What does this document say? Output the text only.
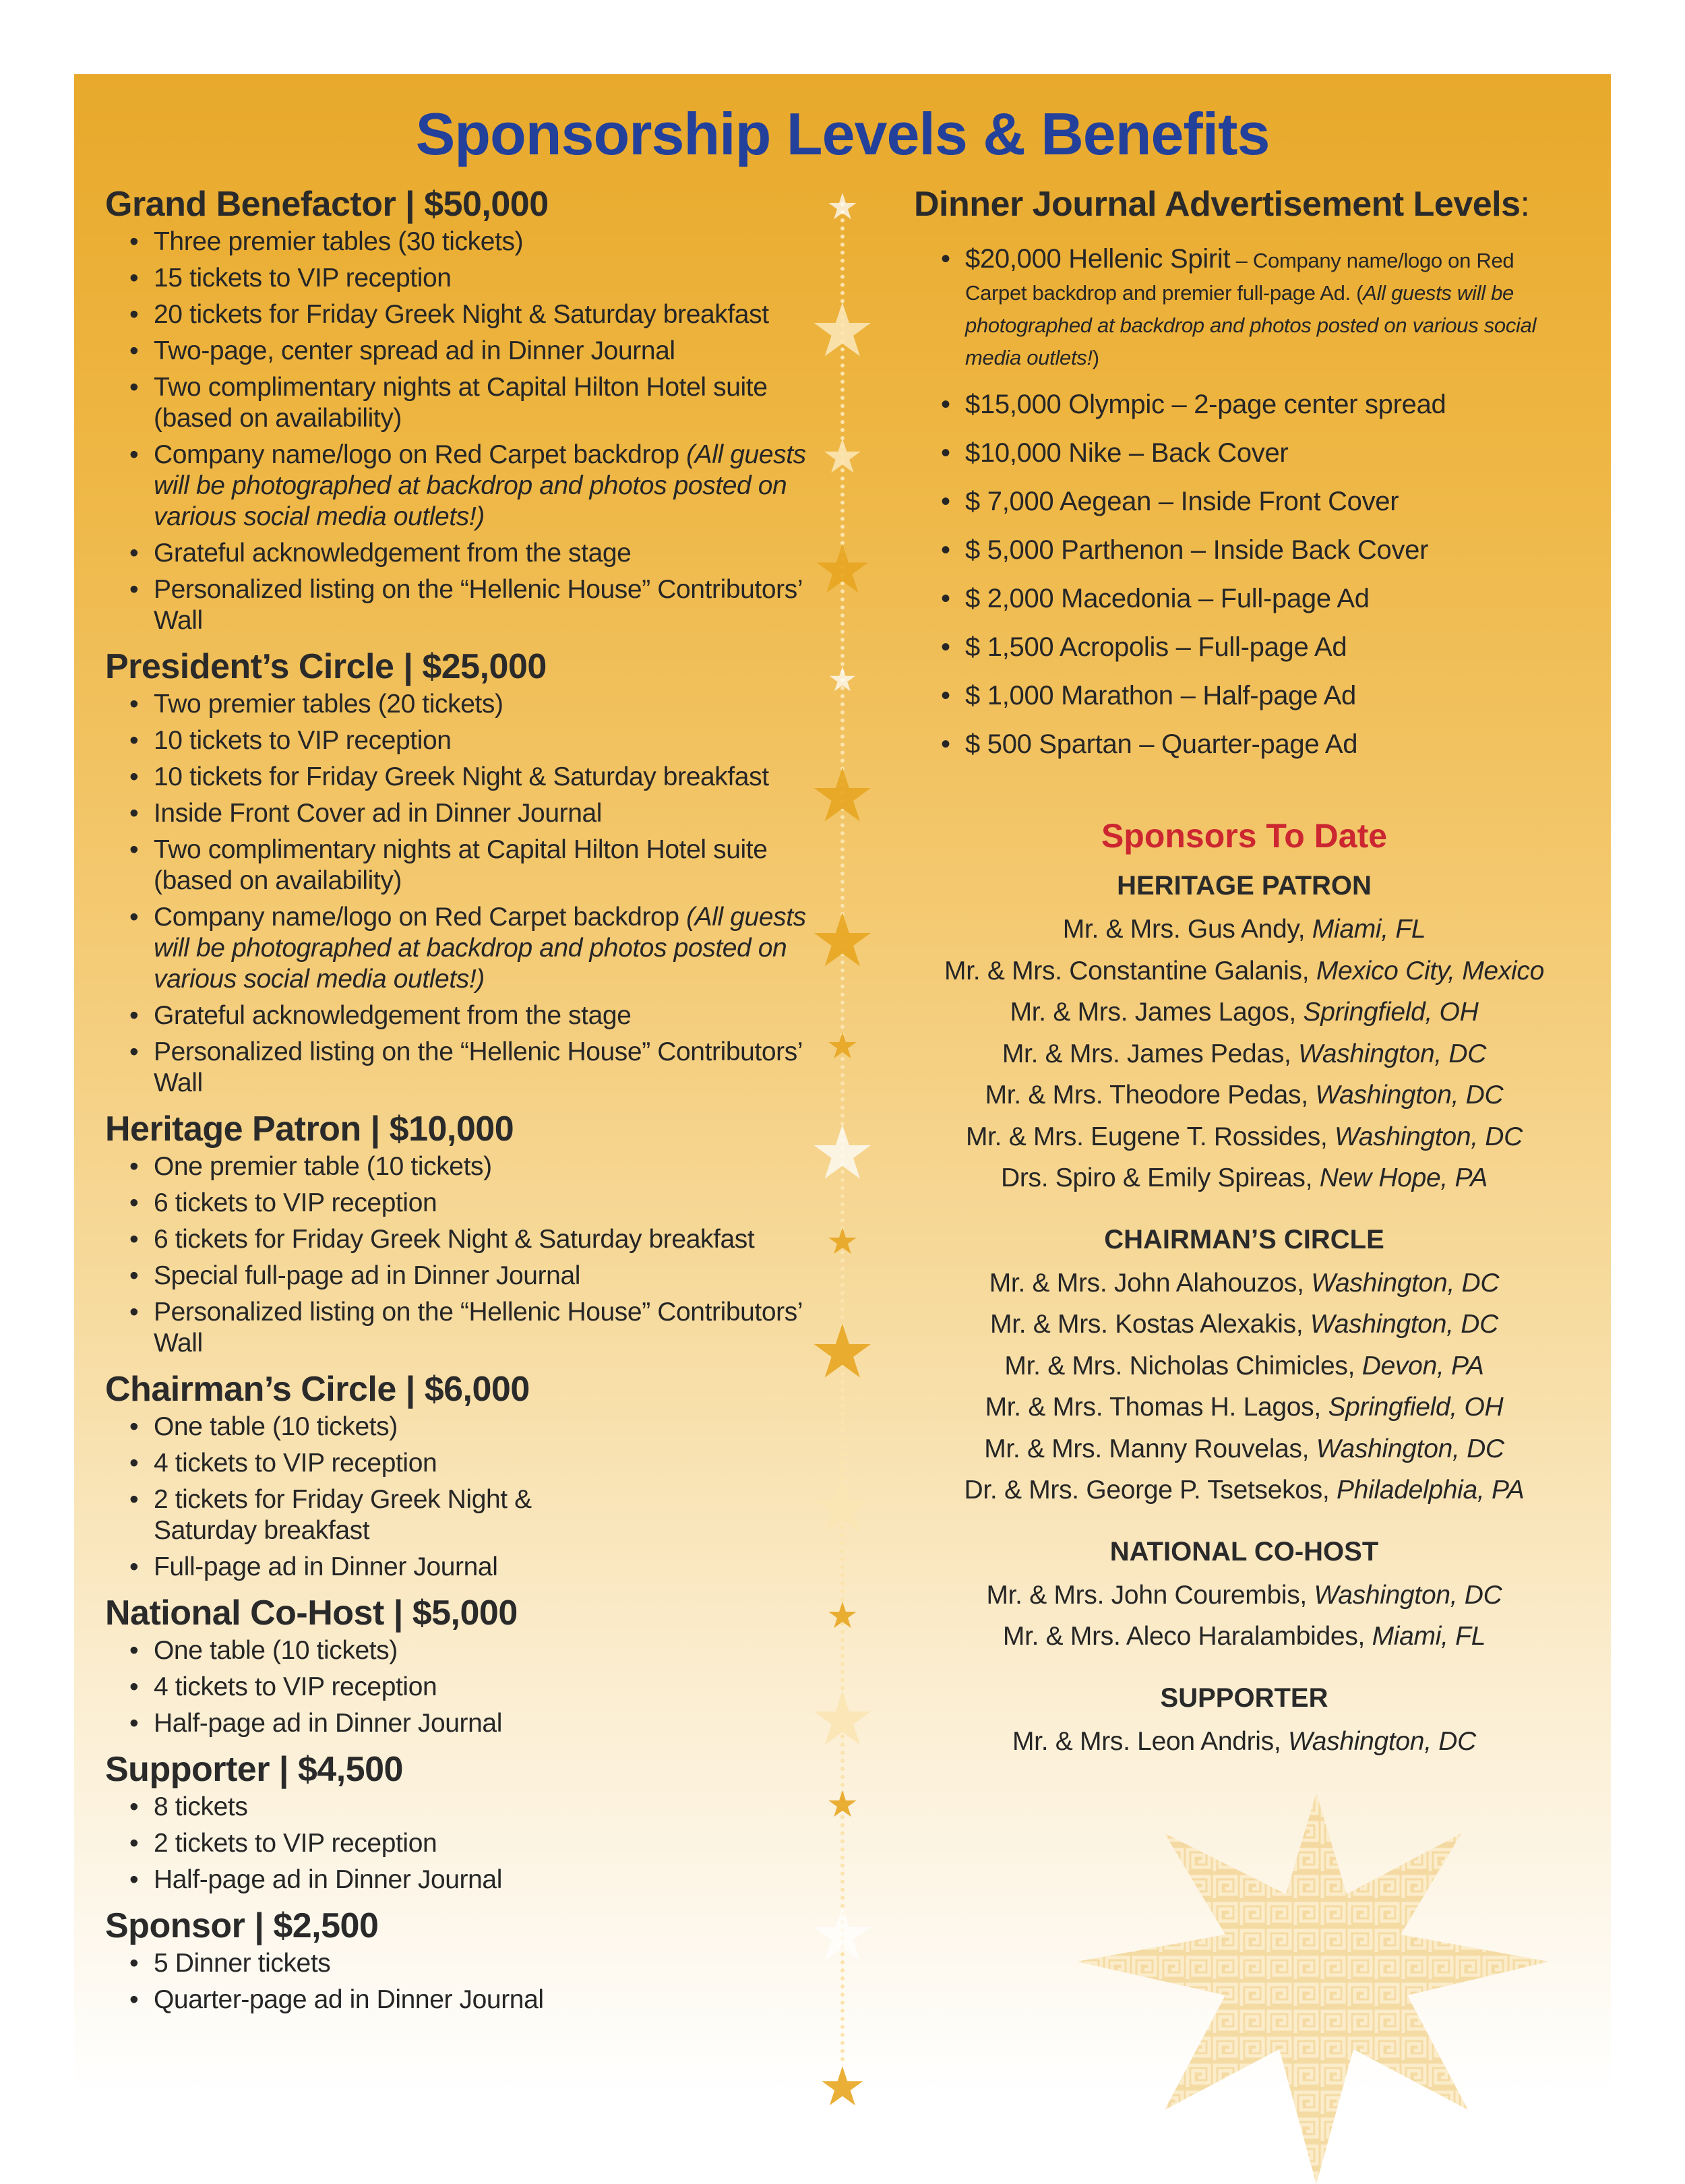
Sponsorship Levels & Benefits
Grand Benefactor | $50,000
• Three premier tables (30 tickets)
• 15 tickets to VIP reception
• 20 tickets for Friday Greek Night & Saturday breakfast
• Two-page, center spread ad in Dinner Journal
• Two complimentary nights at Capital Hilton Hotel suite (based on availability)
• Company name/logo on Red Carpet backdrop (All guests will be photographed at backdrop and photos posted on various social media outlets!)
• Grateful acknowledgement from the stage
• Personalized listing on the “Hellenic House” Contributors’ Wall
President’s Circle | $25,000
• Two premier tables (20 tickets)
• 10 tickets to VIP reception
• 10 tickets for Friday Greek Night & Saturday breakfast
• Inside Front Cover ad in Dinner Journal
• Two complimentary nights at Capital Hilton Hotel suite (based on availability)
• Company name/logo on Red Carpet backdrop (All guests will be photographed at backdrop and photos posted on various social media outlets!)
• Grateful acknowledgement from the stage
• Personalized listing on the “Hellenic House” Contributors’ Wall
Heritage Patron | $10,000
• One premier table (10 tickets)
• 6 tickets to VIP reception
• 6 tickets for Friday Greek Night & Saturday breakfast
• Special full-page ad in Dinner Journal
• Personalized listing on the “Hellenic House” Contributors’ Wall
Chairman’s Circle | $6,000
• One table (10 tickets)
• 4 tickets to VIP reception
• 2 tickets for Friday Greek Night & Saturday breakfast
• Full-page ad in Dinner Journal
National Co-Host | $5,000
• One table (10 tickets)
• 4 tickets to VIP reception
• Half-page ad in Dinner Journal
Supporter | $4,500
• 8 tickets
• 2 tickets to VIP reception
• Half-page ad in Dinner Journal
Sponsor | $2,500
• 5 Dinner tickets
• Quarter-page ad in Dinner Journal
★
★
★
★
★
★
★
★
★
★
★
★
★
★
★
★
★
Dinner Journal Advertisement Levels:
• $20,000 Hellenic Spirit – Company name/logo on Red Carpet backdrop and premier full-page Ad. (All guests will be photographed at backdrop and photos posted on various social media outlets!)
• $15,000 Olympic – 2-page center spread
• $10,000 Nike – Back Cover
• $ 7,000 Aegean – Inside Front Cover
• $ 5,000 Parthenon – Inside Back Cover
• $ 2,000 Macedonia – Full-page Ad
• $ 1,500 Acropolis – Full-page Ad
• $ 1,000 Marathon – Half-page Ad
• $ 500 Spartan – Quarter-page Ad
Sponsors To Date
HERITAGE PATRON
Mr. & Mrs. Gus Andy, Miami, FL
Mr. & Mrs. Constantine Galanis, Mexico City, Mexico
Mr. & Mrs. James Lagos, Springfield, OH
Mr. & Mrs. James Pedas, Washington, DC
Mr. & Mrs. Theodore Pedas, Washington, DC
Mr. & Mrs. Eugene T. Rossides, Washington, DC
Drs. Spiro & Emily Spireas, New Hope, PA
CHAIRMAN’S CIRCLE
Mr. & Mrs. John Alahouzos, Washington, DC
Mr. & Mrs. Kostas Alexakis, Washington, DC
Mr. & Mrs. Nicholas Chimicles, Devon, PA
Mr. & Mrs. Thomas H. Lagos, Springfield, OH
Mr. & Mrs. Manny Rouvelas, Washington, DC
Dr. & Mrs. George P. Tsetsekos, Philadelphia, PA
NATIONAL CO-HOST
Mr. & Mrs. John Courembis, Washington, DC
Mr. & Mrs. Aleco Haralambides, Miami, FL
SUPPORTER
Mr. & Mrs. Leon Andris, Washington, DC
